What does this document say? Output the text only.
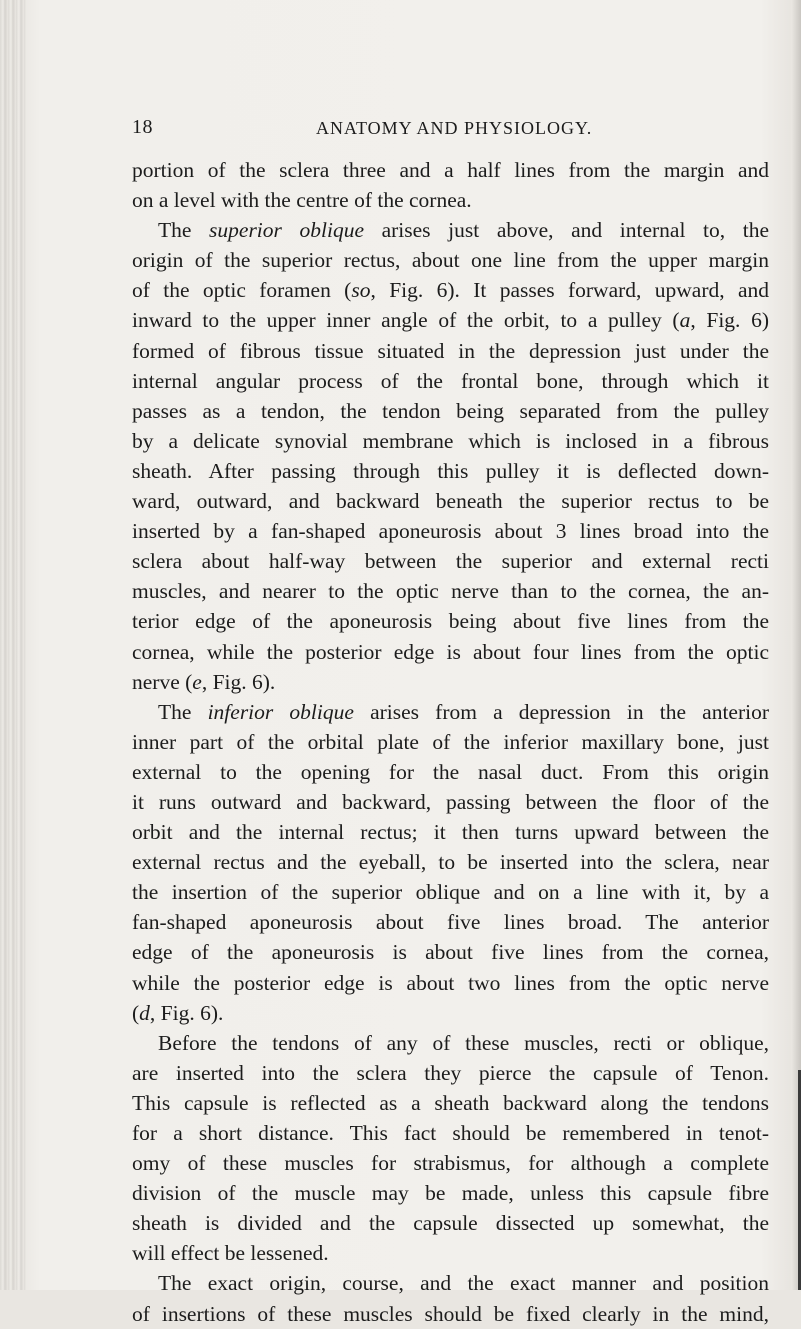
18	ANATOMY AND PHYSIOLOGY.
portion of the sclera three and a half lines from the margin and
on a level with the centre of the cornea.
The superior oblique arises just above, and internal to, the
origin of the superior rectus, about one line from the upper margin
of the optic foramen (so, Fig. 6). It passes forward, upward, and
inward to the upper inner angle of the orbit, to a pulley (a, Fig. 6)
formed of fibrous tissue situated in the depression just under the
internal angular process of the frontal bone, through which it
passes as a tendon, the tendon being separated from the pulley
by a delicate synovial membrane which is inclosed in a fibrous
sheath. After passing through this pulley it is deflected down-
ward, outward, and backward beneath the superior rectus to be
inserted by a fan-shaped aponeurosis about 3 lines broad into the
sclera about half-way between the superior and external recti
muscles, and nearer to the optic nerve than to the cornea, the an-
terior edge of the aponeurosis being about five lines from the
cornea, while the posterior edge is about four lines from the optic
nerve (e, Fig. 6).
The inferior oblique arises from a depression in the anterior
inner part of the orbital plate of the inferior maxillary bone, just
external to the opening for the nasal duct. From this origin
it runs outward and backward, passing between the floor of the
orbit and the internal rectus; it then turns upward between the
external rectus and the eyeball, to be inserted into the sclera, near
the insertion of the superior oblique and on a line with it, by a
fan-shaped aponeurosis about five lines broad. The anterior
edge of the aponeurosis is about five lines from the cornea,
while the posterior edge is about two lines from the optic nerve
(d, Fig. 6).
Before the tendons of any of these muscles, recti or oblique,
are inserted into the sclera they pierce the capsule of Tenon.
This capsule is reflected as a sheath backward along the tendons
for a short distance. This fact should be remembered in tenot-
omy of these muscles for strabismus, for although a complete
division of the muscle may be made, unless this capsule fibre
sheath is divided and the capsule dissected up somewhat, the
will effect be lessened.
The exact origin, course, and the exact manner and position
of insertions of these muscles should be fixed clearly in the mind,
